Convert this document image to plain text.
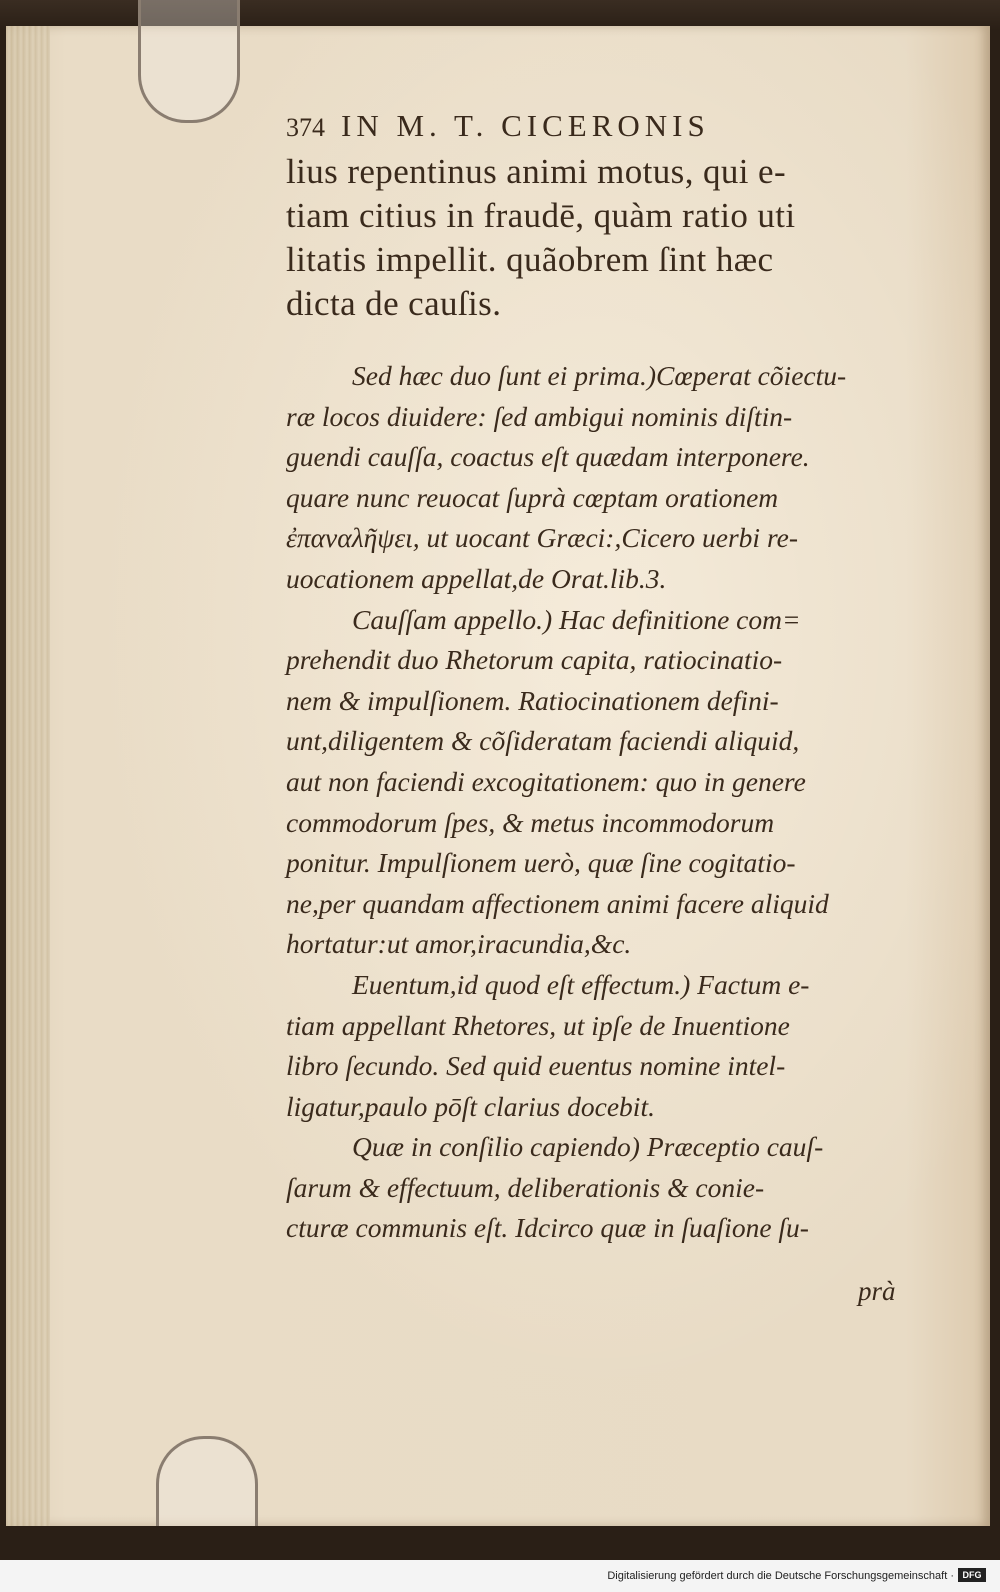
374 IN M. T. CICERONIS
lius repentinus animi motus, qui e-
tiam citius in fraudē, quàm ratio uti
litatis impellit. quãobrem ſint hæc
dicta de cauſis.
Sed hæc duo ſunt ei prima.)Cœperat cõiectu-
ræ locos diuidere: ſed ambigui nominis diſtin-
guendi cauſſa, coactus eſt quædam interponere.
quare nunc reuocat ſuprà cœptam orationem
ἐπαναλῆψει, ut uocant Græci:,Cicero uerbi re-
uocationem appellat,de Orat.lib.3.
Cauſſam appello.) Hac definitione com=
prehendit duo Rhetorum capita, ratiocinatio-
nem & impulſionem. Ratiocinationem defini-
unt,diligentem & cõſideratam faciendi aliquid,
aut non faciendi excogitationem: quo in genere
commodorum ſpes, & metus incommodorum
ponitur. Impulſionem uerò, quæ ſine cogitatio-
ne,per quandam affectionem animi facere aliquid
hortatur:ut amor,iracundia,&c.
Euentum,id quod eſt effectum.) Factum e-
tiam appellant Rhetores, ut ipſe de Inuentione
libro ſecundo. Sed quid euentus nomine intel-
ligatur,paulo pōſt clarius docebit.
Quæ in conſilio capiendo) Præceptio cauſ-
ſarum & effectuum, deliberationis & conie-
cturæ communis eſt. Idcirco quæ in ſuaſione ſu-
prà
Digitalisierung gefördert durch die Deutsche Forschungsgemeinschaft · DFG
